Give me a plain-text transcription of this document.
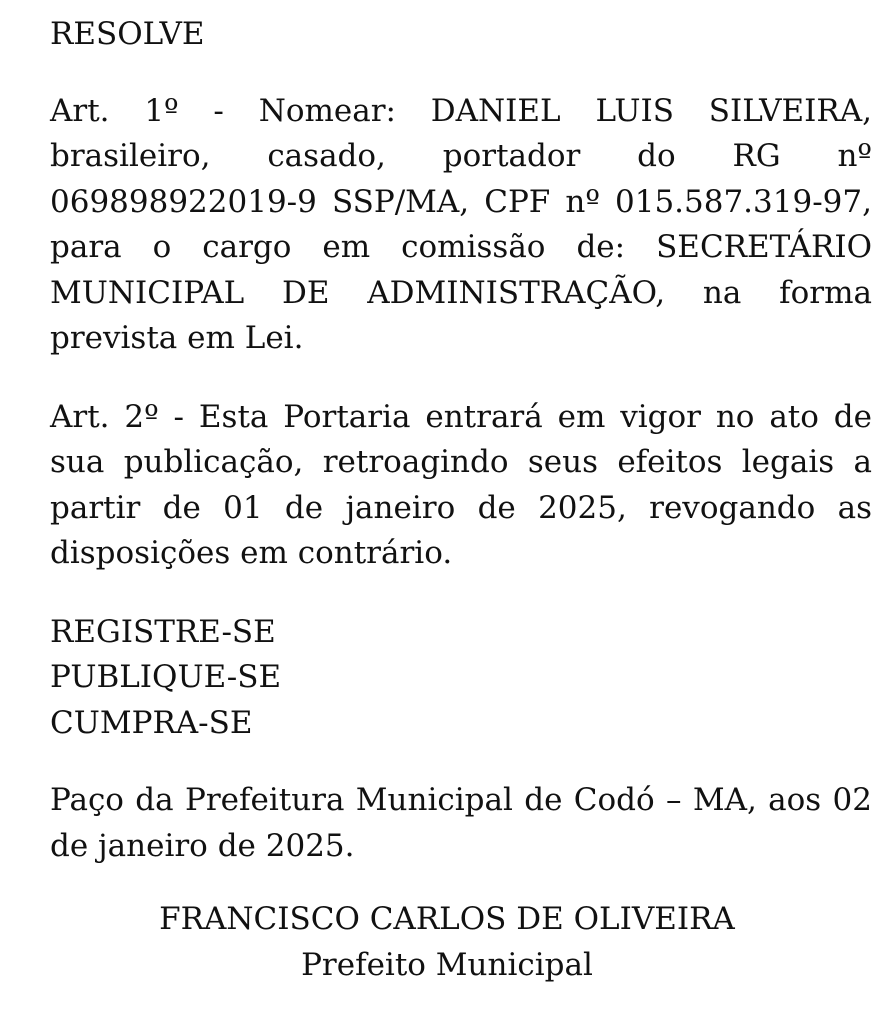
RESOLVE

Art. 1º - Nomear: DANIEL LUIS SILVEIRA, brasileiro, casado, portador do RG nº 069898922019-9 SSP/MA, CPF nº 015.587.319-97, para o cargo em comissão de: SECRETÁRIO MUNICIPAL DE ADMINISTRAÇÃO, na forma prevista em Lei.

Art. 2º - Esta Portaria entrará em vigor no ato de sua publicação, retroagindo seus efeitos legais a partir de 01 de janeiro de 2025, revogando as disposições em contrário.

REGISTRE-SE
PUBLIQUE-SE
CUMPRA-SE

Paço da Prefeitura Municipal de Codó – MA, aos 02 de janeiro de 2025.

FRANCISCO CARLOS DE OLIVEIRA
Prefeito Municipal
